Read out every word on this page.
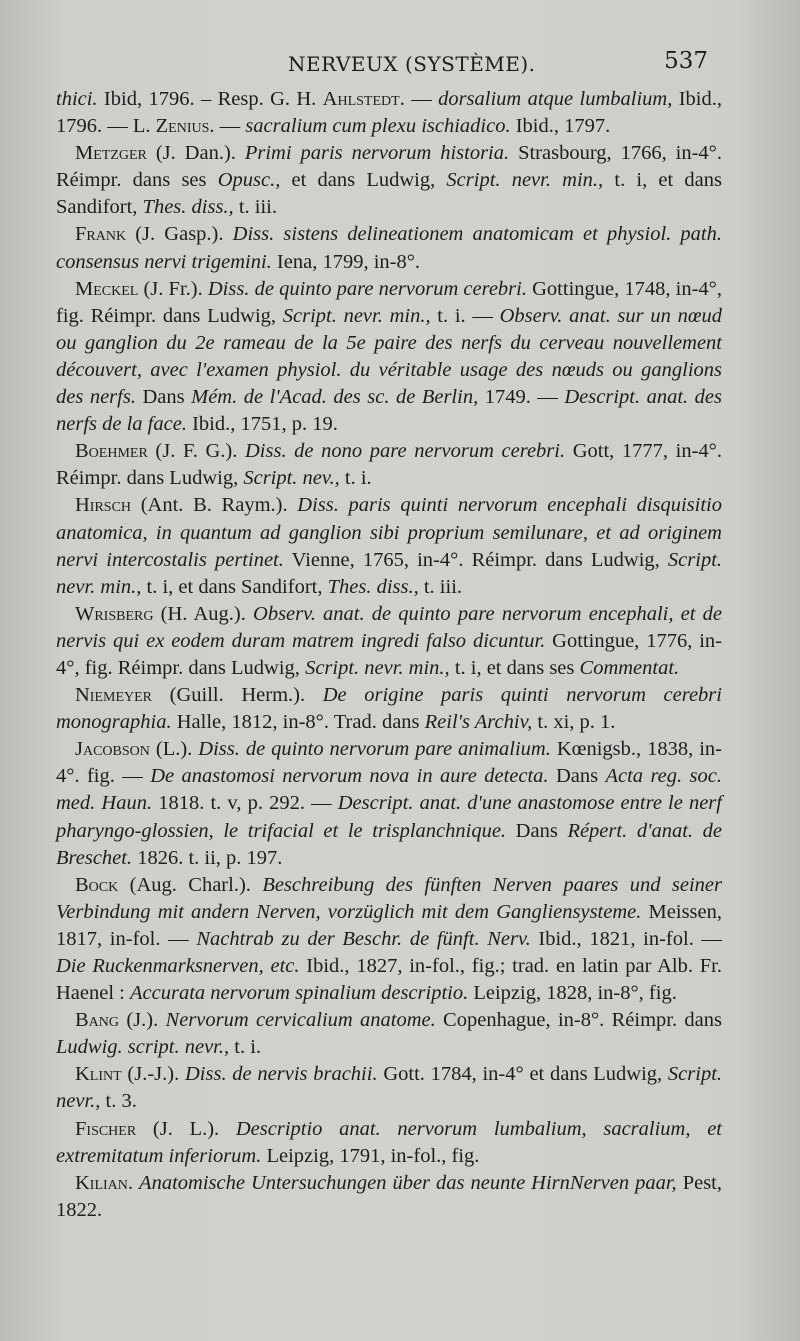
NERVEUX (SYSTÈME).	537

thici. Ibid, 1796. – Resp. G. H. Ahlstedt. — dorsalium atque lumbalium, Ibid., 1796. — L. Zenius. — sacralium cum plexu ischiadico. Ibid., 1797.

Metzger (J. Dan.). Primi paris nervorum historia. Strasbourg, 1766, in-4°. Réimpr. dans ses Opusc., et dans Ludwig, Script. nevr. min., t. i, et dans Sandifort, Thes. diss., t. iii.

Frank (J. Gasp.). Diss. sistens delineationem anatomicam et physiol. path. consensus nervi trigemini. Iena, 1799, in-8°.

Meckel (J. Fr.). Diss. de quinto pare nervorum cerebri. Gottingue, 1748, in-4°, fig. Réimpr. dans Ludwig, Script. nevr. min., t. i. — Observ. anat. sur un nœud ou ganglion du 2e rameau de la 5e paire des nerfs du cerveau nouvellement découvert, avec l'examen physiol. du véritable usage des nœuds ou ganglions des nerfs. Dans Mém. de l'Acad. des sc. de Berlin, 1749. — Descript. anat. des nerfs de la face. Ibid., 1751, p. 19.

Boehmer (J. F. G.). Diss. de nono pare nervorum cerebri. Gott, 1777, in-4°. Réimpr. dans Ludwig, Script. nev., t. i.

Hirsch (Ant. B. Raym.). Diss. paris quinti nervorum encephali disquisitio anatomica, in quantum ad ganglion sibi proprium semilunare, et ad originem nervi intercostalis pertinet. Vienne, 1765, in-4°. Réimpr. dans Ludwig, Script. nevr. min., t. i, et dans Sandifort, Thes. diss., t. iii.

Wrisberg (H. Aug.). Observ. anat. de quinto pare nervorum encephali, et de nervis qui ex eodem duram matrem ingredi falso dicuntur. Gottingue, 1776, in-4°, fig. Réimpr. dans Ludwig, Script. nevr. min., t. i, et dans ses Commentat.

Niemeyer (Guill. Herm.). De origine paris quinti nervorum cerebri monographia. Halle, 1812, in-8°. Trad. dans Reil's Archiv, t. xi, p. 1.

Jacobson (L.). Diss. de quinto nervorum pare animalium. Kœnigsb., 1838, in-4°. fig. — De anastomosi nervorum nova in aure detecta. Dans Acta reg. soc. med. Haun. 1818. t. v, p. 292. — Descript. anat. d'une anastomose entre le nerf pharyngo-glossien, le trifacial et le trisplanchnique. Dans Répert. d'anat. de Breschet. 1826. t. ii, p. 197.

Bock (Aug. Charl.). Beschreibung des fünften Nerven paares und seiner Verbindung mit andern Nerven, vorzüglich mit dem Gangliensysteme. Meissen, 1817, in-fol. — Nachtrab zu der Beschr. de fünft. Nerv. Ibid., 1821, in-fol. — Die Ruckenmarksnerven, etc. Ibid., 1827, in-fol., fig.; trad. en latin par Alb. Fr. Haenel : Accurata nervorum spinalium descriptio. Leipzig, 1828, in-8°, fig.

Bang (J.). Nervorum cervicalium anatome. Copenhague, in-8°. Réimpr. dans Ludwig. script. nevr., t. i.

Klint (J.-J.). Diss. de nervis brachii. Gott. 1784, in-4° et dans Ludwig, Script. nevr., t. 3.

Fischer (J. L.). Descriptio anat. nervorum lumbalium, sacralium, et extremitatum inferiorum. Leipzig, 1791, in-fol., fig.

Kilian. Anatomische Untersuchungen über das neunte HirnNerven paar, Pest, 1822.
